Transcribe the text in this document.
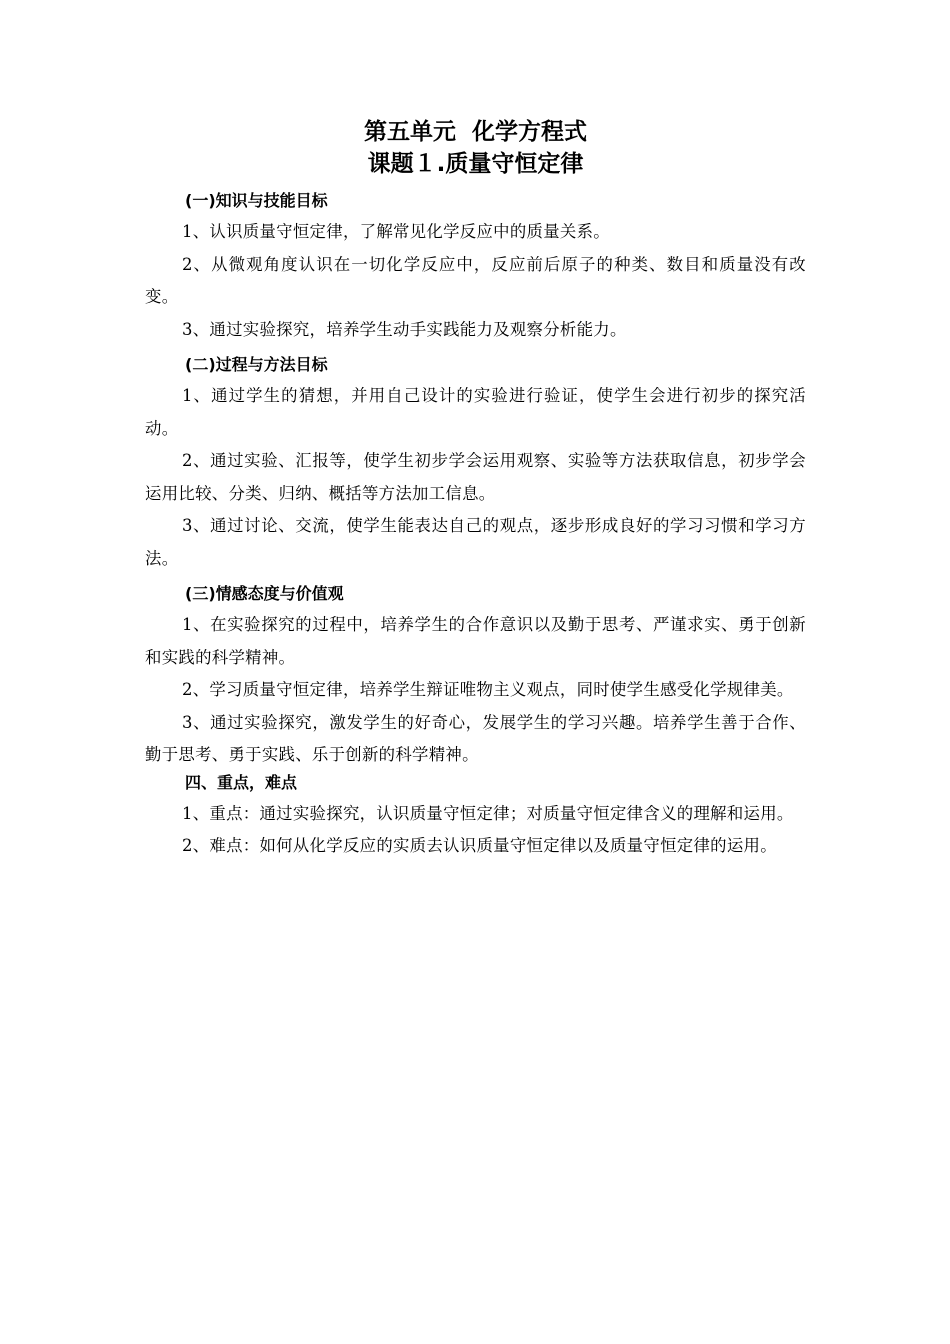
第五单元  化学方程式
课题１.质量守恒定律
(一)知识与技能目标

1、认识质量守恒定律，了解常见化学反应中的质量关系。

2、从微观角度认识在一切化学反应中，反应前后原子的种类、数目和质量没有改变。

3、通过实验探究，培养学生动手实践能力及观察分析能力。

(二)过程与方法目标

1、通过学生的猜想，并用自己设计的实验进行验证，使学生会进行初步的探究活动。

2、通过实验、汇报等，使学生初步学会运用观察、实验等方法获取信息，初步学会运用比较、分类、归纳、概括等方法加工信息。

3、通过讨论、交流，使学生能表达自己的观点，逐步形成良好的学习习惯和学习方法。

(三)情感态度与价值观

1、在实验探究的过程中，培养学生的合作意识以及勤于思考、严谨求实、勇于创新和实践的科学精神。

2、学习质量守恒定律，培养学生辩证唯物主义观点，同时使学生感受化学规律美。

3、通过实验探究，激发学生的好奇心，发展学生的学习兴趣。培养学生善于合作、勤于思考、勇于实践、乐于创新的科学精神。

四、重点，难点

1、重点：通过实验探究，认识质量守恒定律；对质量守恒定律含义的理解和运用。

2、难点：如何从化学反应的实质去认识质量守恒定律以及质量守恒定律的运用。
